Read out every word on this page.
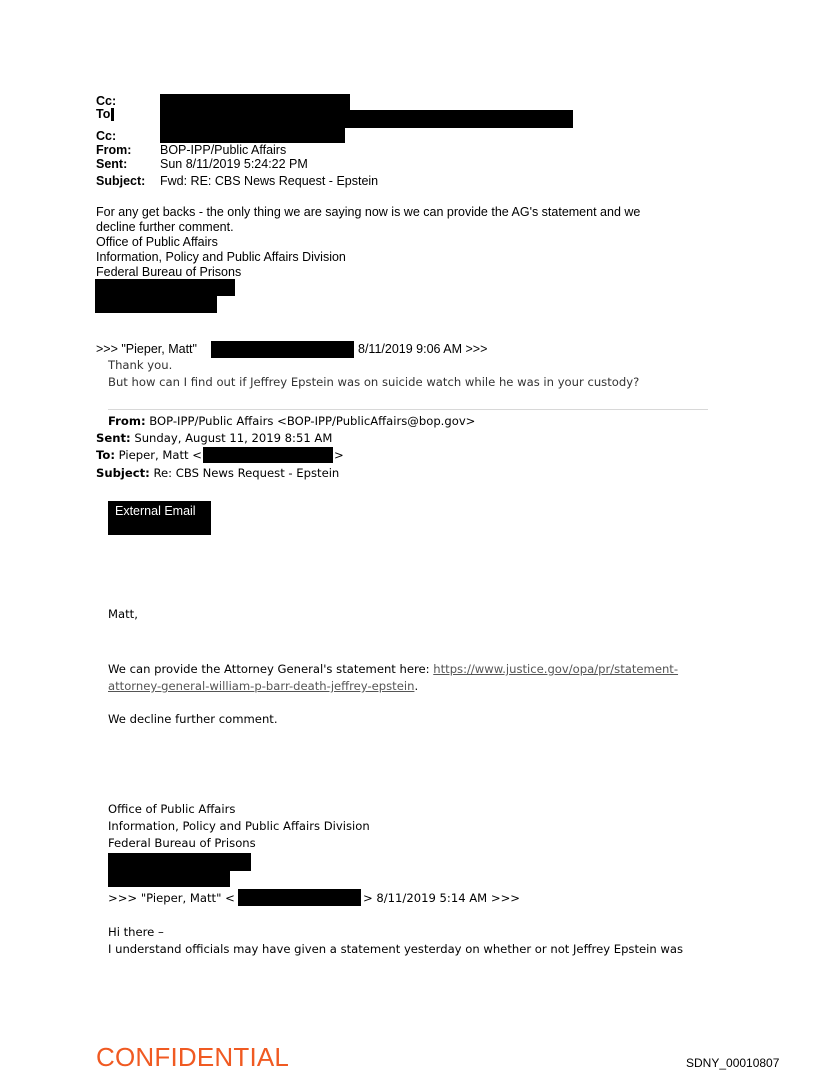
Cc:
To
Cc:
From: BOP-IPP/Public Affairs
Sent:	Sun 8/11/2019 5:24:22 PM
Subject: Fwd: RE: CBS News Request - Epstein
For any get backs - the only thing we are saying now is we can provide the AG's statement and we
decline further comment.
Office of Public Affairs
Information, Policy and Public Affairs Division
Federal Bureau of Prisons
>>> "Pieper, Matt"	8/11/2019 9:06 AM >>>
Thank you.
But how can I find out if Jeffrey Epstein was on suicide watch while he was in your custody?
From: BOP-IPP/Public Affairs <BOP-IPP/PublicAffairs@bop.gov>
Sent: Sunday, August 11, 2019 8:51 AM
To: Pieper, Matt <	>
Subject: Re: CBS News Request - Epstein
External Email
Matt,
We can provide the Attorney General's statement here: https://www.justice.gov/opa/pr/statement-
attorney-general-william-p-barr-death-jeffrey-epstein.
We decline further comment.
Office of Public Affairs
Information, Policy and Public Affairs Division
Federal Bureau of Prisons
>>> "Pieper, Matt" <	> 8/11/2019 5:14 AM >>>
Hi there –
I understand officials may have given a statement yesterday on whether or not Jeffrey Epstein was
CONFIDENTIAL	SDNY_00010807
